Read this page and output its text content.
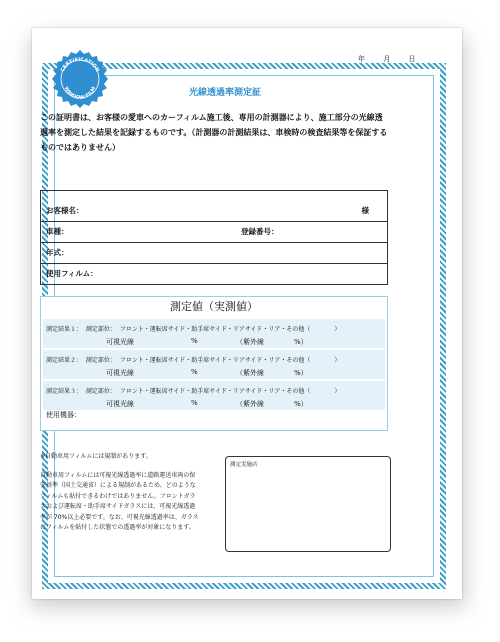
年 月 日
CERTIFICATION
WINDOW FILM	光線透過率測定証
この証明書は、お客様の愛車へのカーフィルム施工後、専用の計測器により、施工部分の光線透過率を測定した結果を記録するものです。（計測器の計測結果は、車検時の検査結果等を保証するものではありません）
お客様名：	様
車種：	登録番号：
年式：
使用フィルム：
測定値（実測値）
測定結果１： 測定部位： フロント・運転席サイド・助手席サイド・リアサイド・リア・その他（　　　　）
可視光線	%	（紫外線	%）
測定結果２： 測定部位： フロント・運転席サイド・助手席サイド・リアサイド・リア・その他（　　　　）
可視光線	%	（紫外線	%）
測定結果３： 測定部位： フロント・運転席サイド・助手席サイド・リアサイド・リア・その他（　　　　）
可視光線	%	（紫外線	%）
使用機器：
※自動車用フィルムには規制があります。
自動車用フィルムには可視光線透過率に道路運送車両の保安基準（国土交通省）による規制があるため、どのようなフィルムも貼付できるわけではありません。フロントガラスおよび運転席・助手席サイドガラスには、可視光線透過率が 70%以上必要です。なお、可視光線透過率は、ガラスにフィルムを貼付した状態での透過率が対象になります。
測定実施店
